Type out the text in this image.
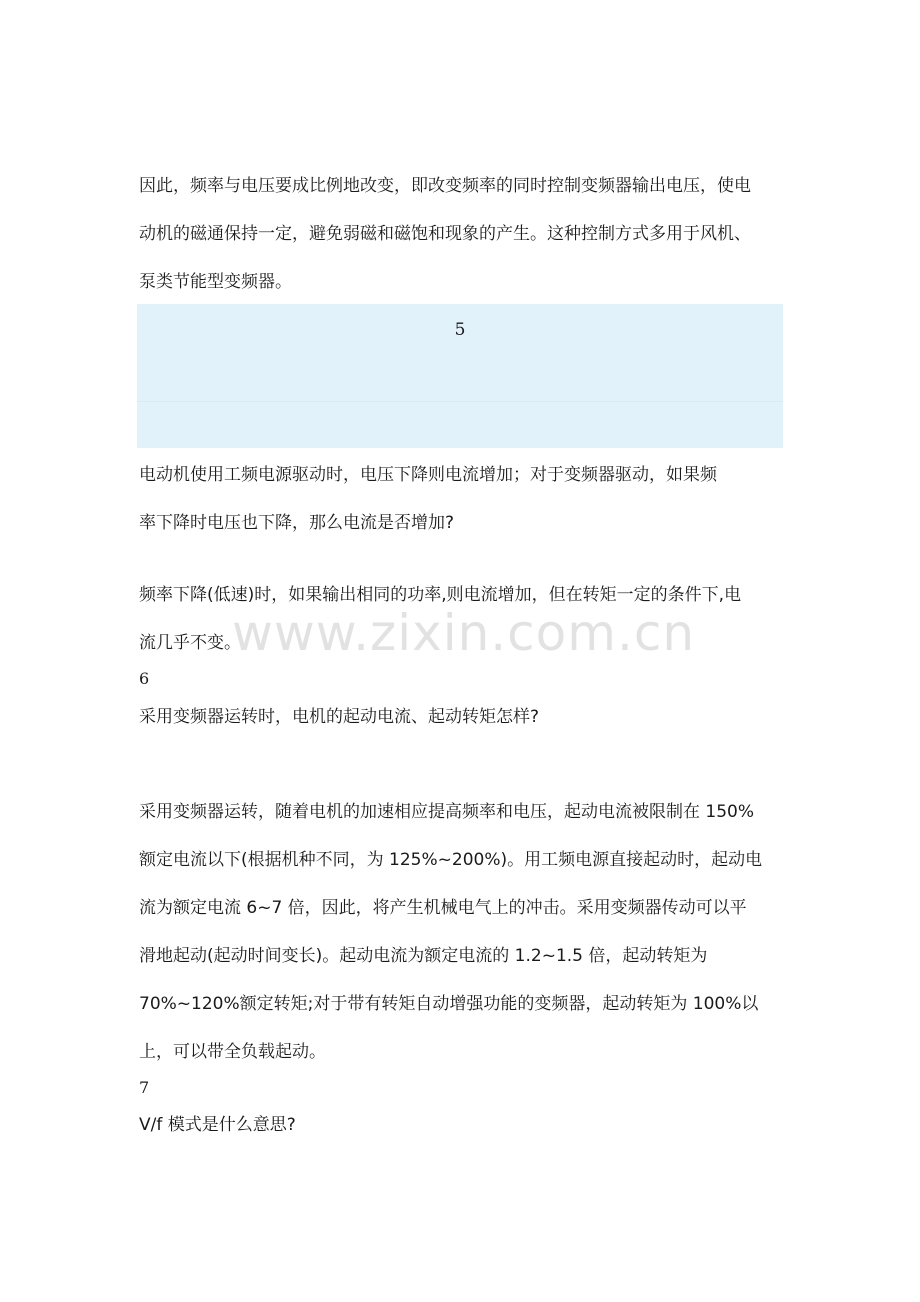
因此，频率与电压要成比例地改变，即改变频率的同时控制变频器输出电压，使电
动机的磁通保持一定，避免弱磁和磁饱和现象的产生。这种控制方式多用于风机、
泵类节能型变频器。
5
电动机使用工频电源驱动时，电压下降则电流增加；对于变频器驱动，如果频
率下降时电压也下降，那么电流是否增加?
频率下降(低速)时，如果输出相同的功率,则电流增加，但在转矩一定的条件下,电
流几乎不变。
www.zixin.com.cn
6
采用变频器运转时，电机的起动电流、起动转矩怎样?
采用变频器运转，随着电机的加速相应提高频率和电压，起动电流被限制在 150%
额定电流以下(根据机种不同，为 125%~200%)。用工频电源直接起动时，起动电
流为额定电流 6~7 倍，因此，将产生机械电气上的冲击。采用变频器传动可以平
滑地起动(起动时间变长)。起动电流为额定电流的 1.2~1.5 倍，起动转矩为
70%~120%额定转矩;对于带有转矩自动增强功能的变频器，起动转矩为 100%以
上，可以带全负载起动。
7
V/f 模式是什么意思?
